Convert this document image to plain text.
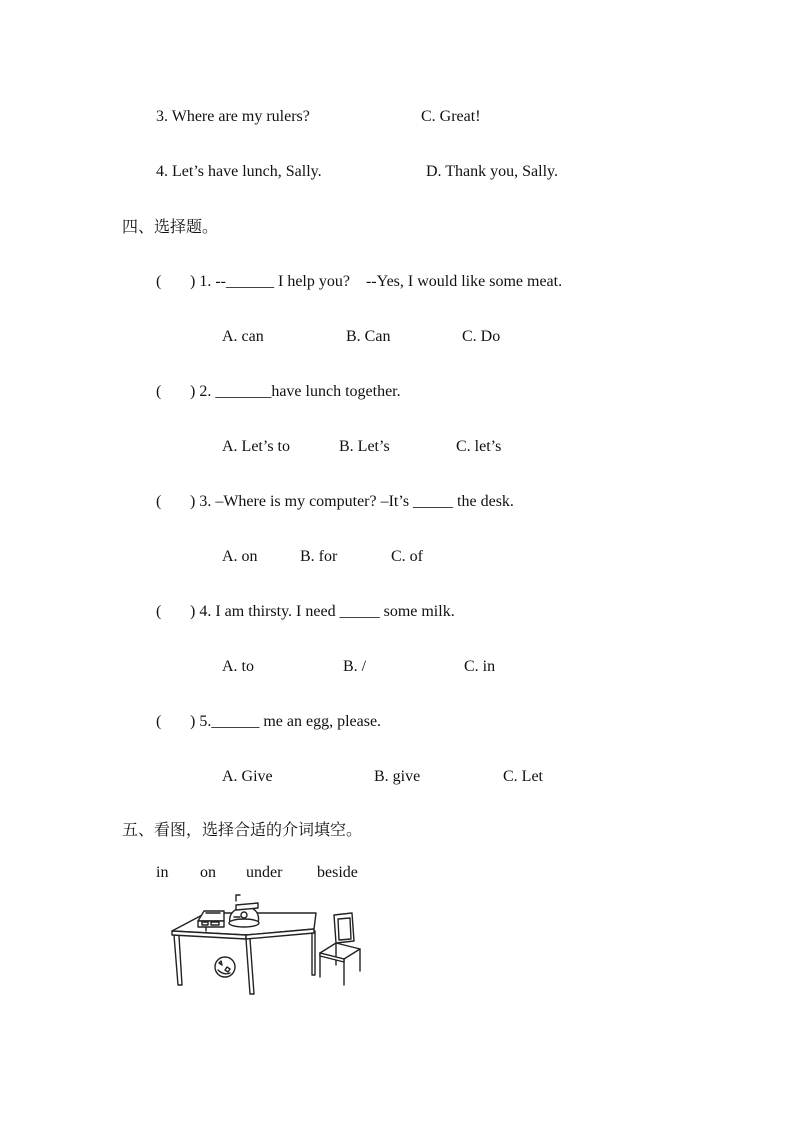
3. Where are my rulers?	C. Great!
4. Let’s have lunch, Sally.	D. Thank you, Sally.
四、选择题。
( ) 1. --______ I help you?    --Yes, I would like some meat.
A. can	B. Can	C. Do
( ) 2. _______have lunch together.
A. Let’s to	B. Let’s	C. let’s
( ) 3. –Where is my computer? –It’s _____ the desk.
A. on	B. for	C. of
( ) 4. I am thirsty. I need _____ some milk.
A. to	B. /	C. in
( ) 5.______ me an egg, please.
A. Give	B. give	C. Let
五、看图，选择合适的介词填空。
in on under beside
